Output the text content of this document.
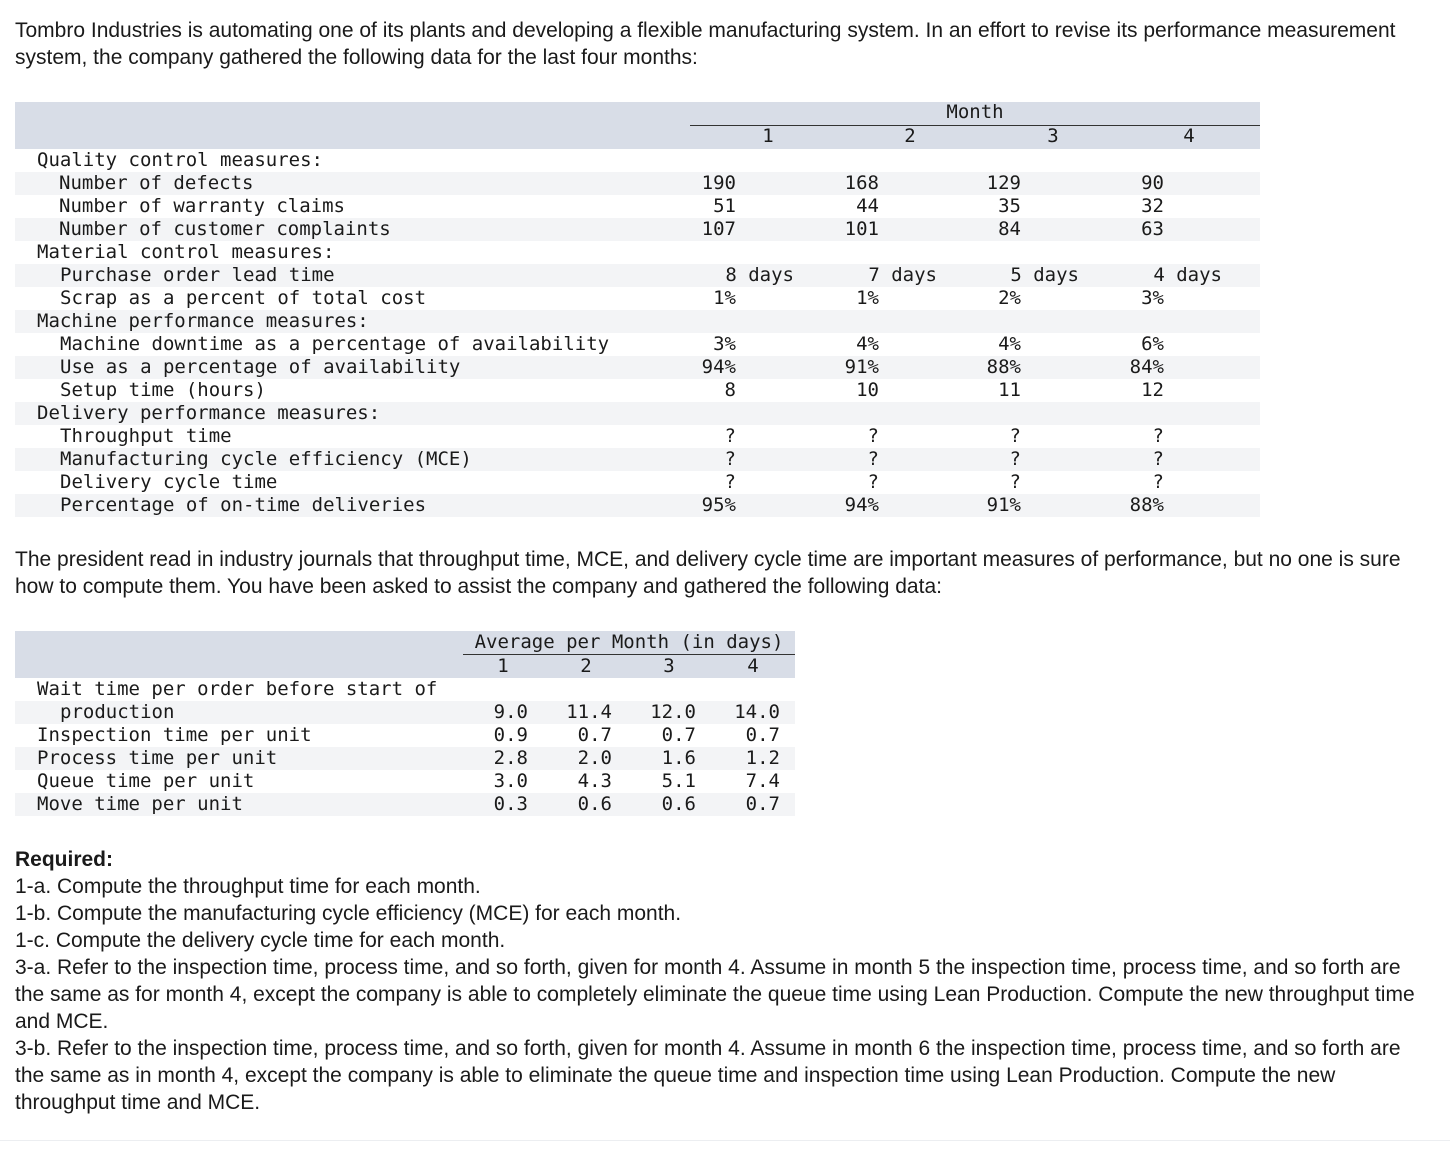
Tombro Industries is automating one of its plants and developing a flexible manufacturing system. In an effort to revise its performance measurement system, the company gathered the following data for the last four months:

Month
1	2	3	4
Quality control measures:
Number of defects	190	168	129	90
Number of warranty claims	51	44	35	32
Number of customer complaints	107	101	84	63
Material control measures:
Purchase order lead time	8 days	7 days	5 days	4 days
Scrap as a percent of total cost	1%	1%	2%	3%
Machine performance measures:
Machine downtime as a percentage of availability	3%	4%	4%	6%
Use as a percentage of availability	94%	91%	88%	84%
Setup time (hours)	8	10	11	12
Delivery performance measures:
Throughput time	?	?	?	?
Manufacturing cycle efficiency (MCE)	?	?	?	?
Delivery cycle time	?	?	?	?
Percentage of on-time deliveries	95%	94%	91%	88%

The president read in industry journals that throughput time, MCE, and delivery cycle time are important measures of performance, but no one is sure how to compute them. You have been asked to assist the company and gathered the following data:

Average per Month (in days)
1	2	3	4
Wait time per order before start of
production	9.0	11.4	12.0	14.0
Inspection time per unit	0.9	0.7	0.7	0.7
Process time per unit	2.8	2.0	1.6	1.2
Queue time per unit	3.0	4.3	5.1	7.4
Move time per unit	0.3	0.6	0.6	0.7
Required:
1-a. Compute the throughput time for each month.
1-b. Compute the manufacturing cycle efficiency (MCE) for each month.
1-c. Compute the delivery cycle time for each month.
3-a. Refer to the inspection time, process time, and so forth, given for month 4. Assume in month 5 the inspection time, process time, and so forth are the same as for month 4, except the company is able to completely eliminate the queue time using Lean Production. Compute the new throughput time and MCE.
3-b. Refer to the inspection time, process time, and so forth, given for month 4. Assume in month 6 the inspection time, process time, and so forth are the same as in month 4, except the company is able to eliminate the queue time and inspection time using Lean Production. Compute the new throughput time and MCE.
